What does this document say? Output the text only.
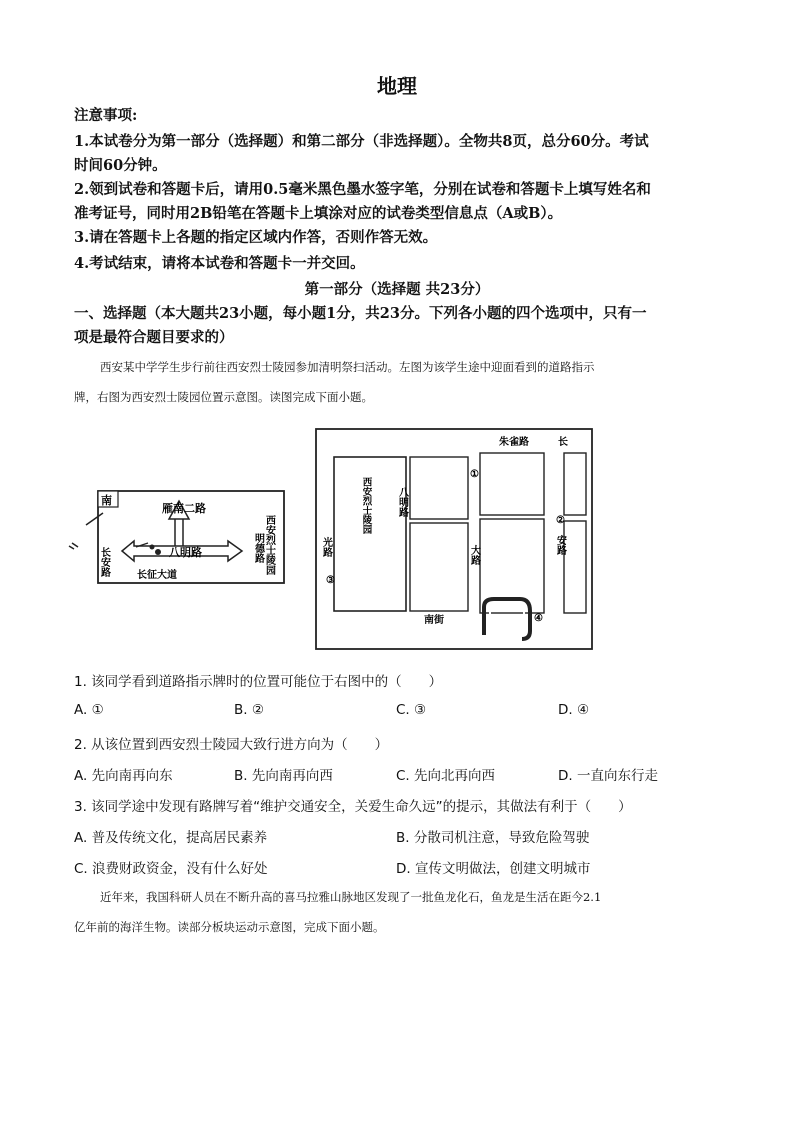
地理
注意事项:
1.本试卷分为第一部分（选择题）和第二部分（非选择题）。全物共8页，总分60分。考试
时间60分钟。
2.领到试卷和答题卡后，请用0.5毫米黑色墨水签字笔，分别在试卷和答题卡上填写姓名和
准考证号，同时用2B铅笔在答题卡上填涂对应的试卷类型信息点（A或B）。
3.请在答题卡上各题的指定区域内作答，否则作答无效。
4.考试结束，请将本试卷和答题卡一并交回。
第一部分（选择题 共23分）
一、选择题（本大题共23小题，每小题1分，共23分。下列各小题的四个选项中，只有一
项是最符合题目要求的）
西安某中学学生步行前往西安烈士陵园参加清明祭扫活动。左图为该学生途中迎面看到的道路指示
牌，右图为西安烈士陵园位置示意图。读图完成下面小题。
南
雁南二路
八明路
长安路	长征大道
西安烈士陵园
明德路
朱雀路	长
安路
光路
八明路
大路
南街
西安烈士陵园
①
②
③
④
1. 该同学看到道路指示牌时的位置可能位于右图中的（　　）
A. ①	B. ②	C. ③	D. ④
2. 从该位置到西安烈士陵园大致行进方向为（　　）
A. 先向南再向东	B. 先向南再向西	C. 先向北再向西	D. 一直向东行走
3. 该同学途中发现有路牌写着“维护交通安全，关爱生命久远”的提示，其做法有利于（　　）
A. 普及传统文化，提高居民素养	B. 分散司机注意，导致危险驾驶
C. 浪费财政资金，没有什么好处	D. 宣传文明做法，创建文明城市
近年来，我国科研人员在不断升高的喜马拉雅山脉地区发现了一批鱼龙化石，鱼龙是生活在距今2.1
亿年前的海洋生物。读部分板块运动示意图，完成下面小题。
